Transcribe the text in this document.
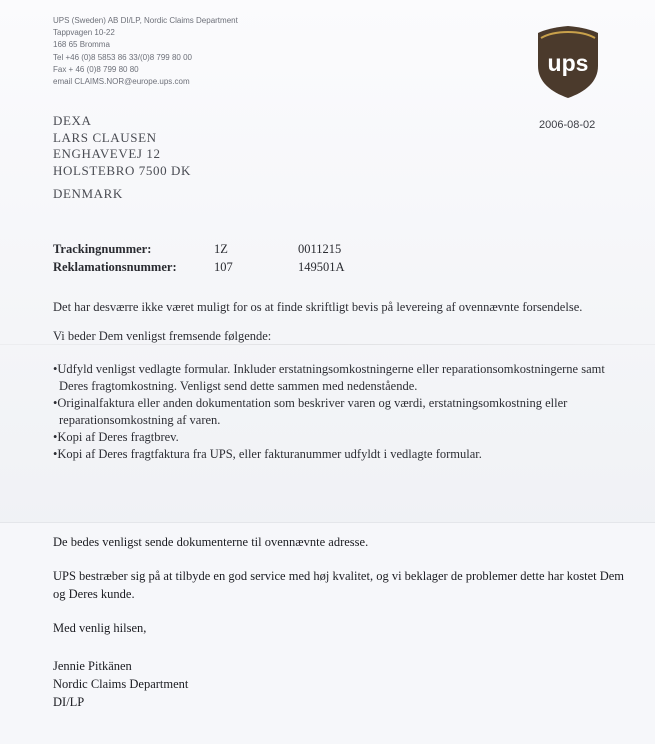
UPS (Sweden) AB DI/LP, Nordic Claims Department
Tappvagen 10-22
168 65 Bromma
Tel +46 (0)8 5853 86 33/(0)8 799 80 00
Fax + 46 (0)8 799 80 80
email CLAIMS.NOR@europe.ups.com
ups
2006-08-02
DEXA
LARS CLAUSEN
ENGHAVEVEJ 12
HOLSTEBRO 7500 DK
DENMARK
Trackingnummer:	1Z	0011215
Reklamationsnummer:	107	149501A

Det har desværre ikke været muligt for os at finde skriftligt bevis på levereing af ovennævnte forsendelse.

Vi beder Dem venligst fremsende følgende:

• Udfyld venligst vedlagte formular. Inkluder erstatningsomkostningerne eller reparationsomkostningerne samt Deres fragtomkostning. Venligst send dette sammen med nedenstående.
• Originalfaktura eller anden dokumentation som beskriver varen og værdi, erstatningsomkostning eller reparationsomkostning af varen.
• Kopi af Deres fragtbrev.
• Kopi af Deres fragtfaktura fra UPS, eller fakturanummer udfyldt i vedlagte formular.

De bedes venligst sende dokumenterne til ovennævnte adresse.

UPS bestræber sig på at tilbyde en god service med høj kvalitet, og vi beklager de problemer dette har kostet Dem og Deres kunde.

Med venlig hilsen,

Jennie Pitkänen

Nordic Claims Department

DI/LP
